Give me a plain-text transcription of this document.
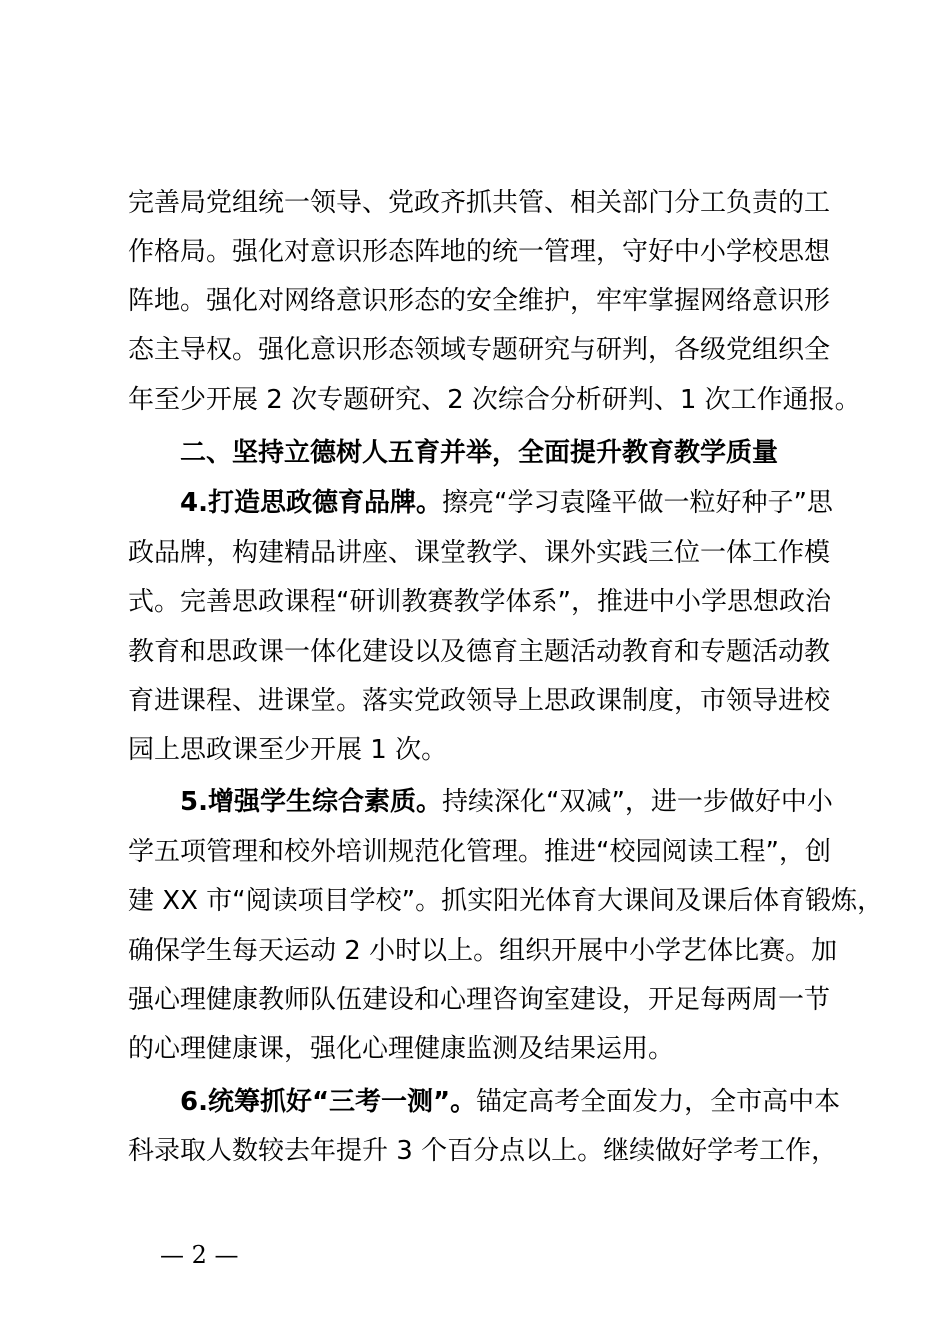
完善局党组统一领导、党政齐抓共管、相关部门分工负责的工
作格局。强化对意识形态阵地的统一管理，守好中小学校思想
阵地。强化对网络意识形态的安全维护，牢牢掌握网络意识形
态主导权。强化意识形态领域专题研究与研判，各级党组织全
年至少开展 2 次专题研究、2 次综合分析研判、1 次工作通报。
二、坚持立德树人五育并举，全面提升教育教学质量
4.打造思政德育品牌。擦亮“学习袁隆平做一粒好种子”思
政品牌，构建精品讲座、课堂教学、课外实践三位一体工作模
式。完善思政课程“研训教赛教学体系”，推进中小学思想政治
教育和思政课一体化建设以及德育主题活动教育和专题活动教
育进课程、进课堂。落实党政领导上思政课制度，市领导进校
园上思政课至少开展 1 次。
5.增强学生综合素质。持续深化“双减”，进一步做好中小
学五项管理和校外培训规范化管理。推进“校园阅读工程”，创
建 XX 市“阅读项目学校”。抓实阳光体育大课间及课后体育锻炼，
确保学生每天运动 2 小时以上。组织开展中小学艺体比赛。加
强心理健康教师队伍建设和心理咨询室建设，开足每两周一节
的心理健康课，强化心理健康监测及结果运用。
6.统筹抓好“三考一测”。锚定高考全面发力，全市高中本
科录取人数较去年提升 3 个百分点以上。继续做好学考工作，
— 2 —
